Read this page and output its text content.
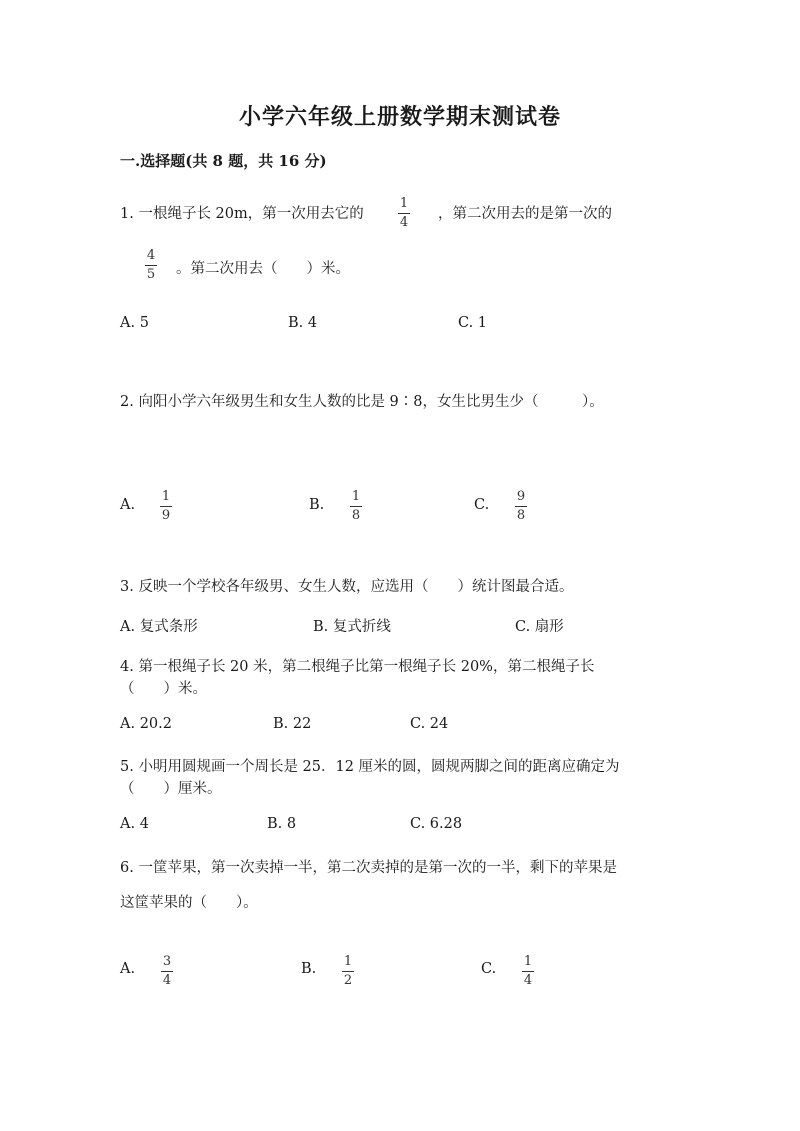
小学六年级上册数学期末测试卷
一.选择题(共 8 题，共 16 分)
1. 一根绳子长 20m，第一次用去它的
1
4
，第二次用去的是第一次的
4
5 。第二次用去（　　）米。
A. 5	B. 4	C. 1
2. 向阳小学六年级男生和女生人数的比是 9∶8，女生比男生少（　　　）。
A.
1
9
B.
1
8
C.
9
8
3. 反映一个学校各年级男、女生人数，应选用（　　）统计图最合适。
A. 复式条形	B. 复式折线	C. 扇形
4. 第一根绳子长 20 米，第二根绳子比第一根绳子长 20%，第二根绳子长
（　　）米。
A. 20.2	B. 22	C. 24
5. 小明用圆规画一个周长是 25．12 厘米的圆，圆规两脚之间的距离应确定为
（　　）厘米。
A. 4	B. 8	C. 6.28
6. 一筐苹果，第一次卖掉一半，第二次卖掉的是第一次的一半，剩下的苹果是
这筐苹果的（　　）。
A. 3
4
B. 1
2
C. 1
4
